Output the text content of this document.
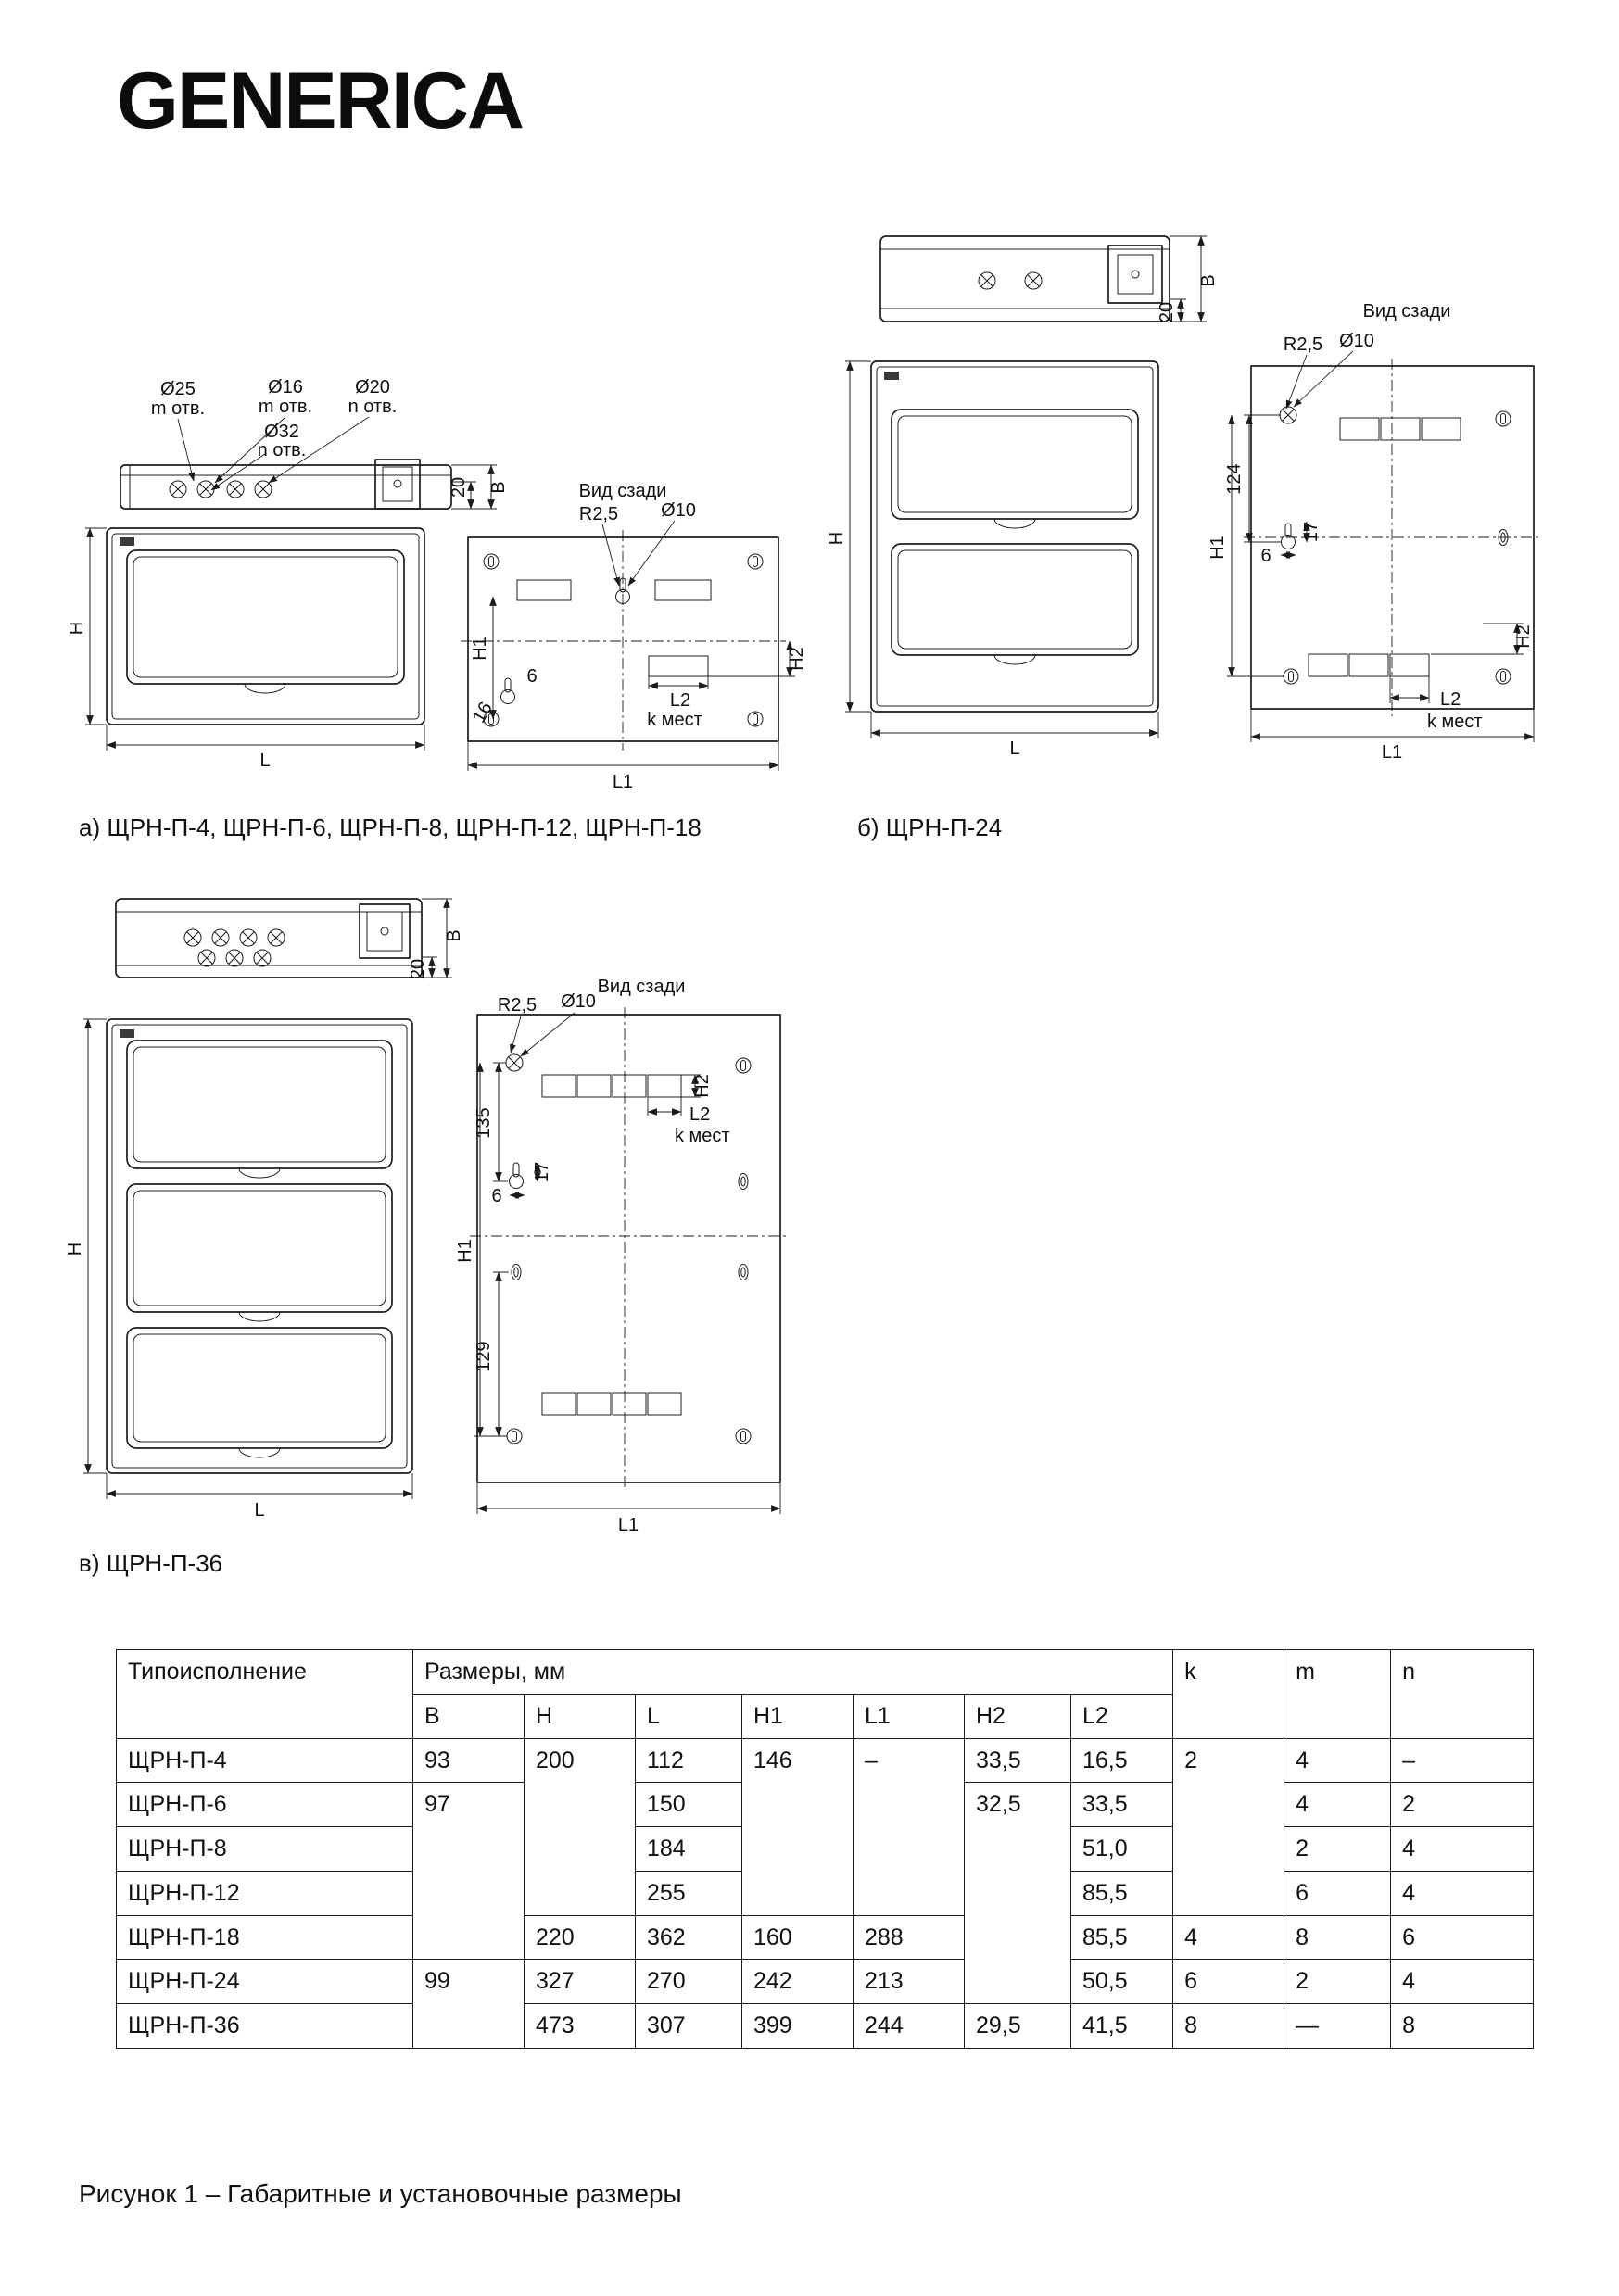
GENERICA
Ø25
m отв.
Ø16
m отв.
Ø20
n отв.
Ø32
n отв.
20 B
H
L
Вид сзади
R2,5 Ø10
H1	H2
L2
k мест
16
6
L1
а) ЩРН-П-4, ЩРН-П-6, ЩРН-П-8, ЩРН-П-12, ЩРН-П-18
B
20
H
L
Вид сзади
R2,5 Ø10
124
H1
17
6
H2
L2
k мест
L1
б) ЩРН-П-24
B
20
H
L
Вид сзади
R2,5 Ø10
H2
L2
k мест
17
6
135
129
H1
L1
в) ЩРН-П-36
Типоисполнение	Размеры, мм							k	m	n
	В	H	L	H1	L1	H2	L2			
ЩРН-П-4	93	200	112	146	–	33,5	16,5	2	4	–
ЩРН-П-6	97		150			32,5	33,5		4	2
ЩРН-П-8			184				51,0		2	4
ЩРН-П-12			255				85,5		6	4
ЩРН-П-18		220	362	160	288		85,5	4	8	6
ЩРН-П-24	99	327	270	242	213		50,5	6	2	4
ЩРН-П-36		473	307	399	244	29,5	41,5	8	—	8
Рисунок 1 – Габаритные и установочные размеры
